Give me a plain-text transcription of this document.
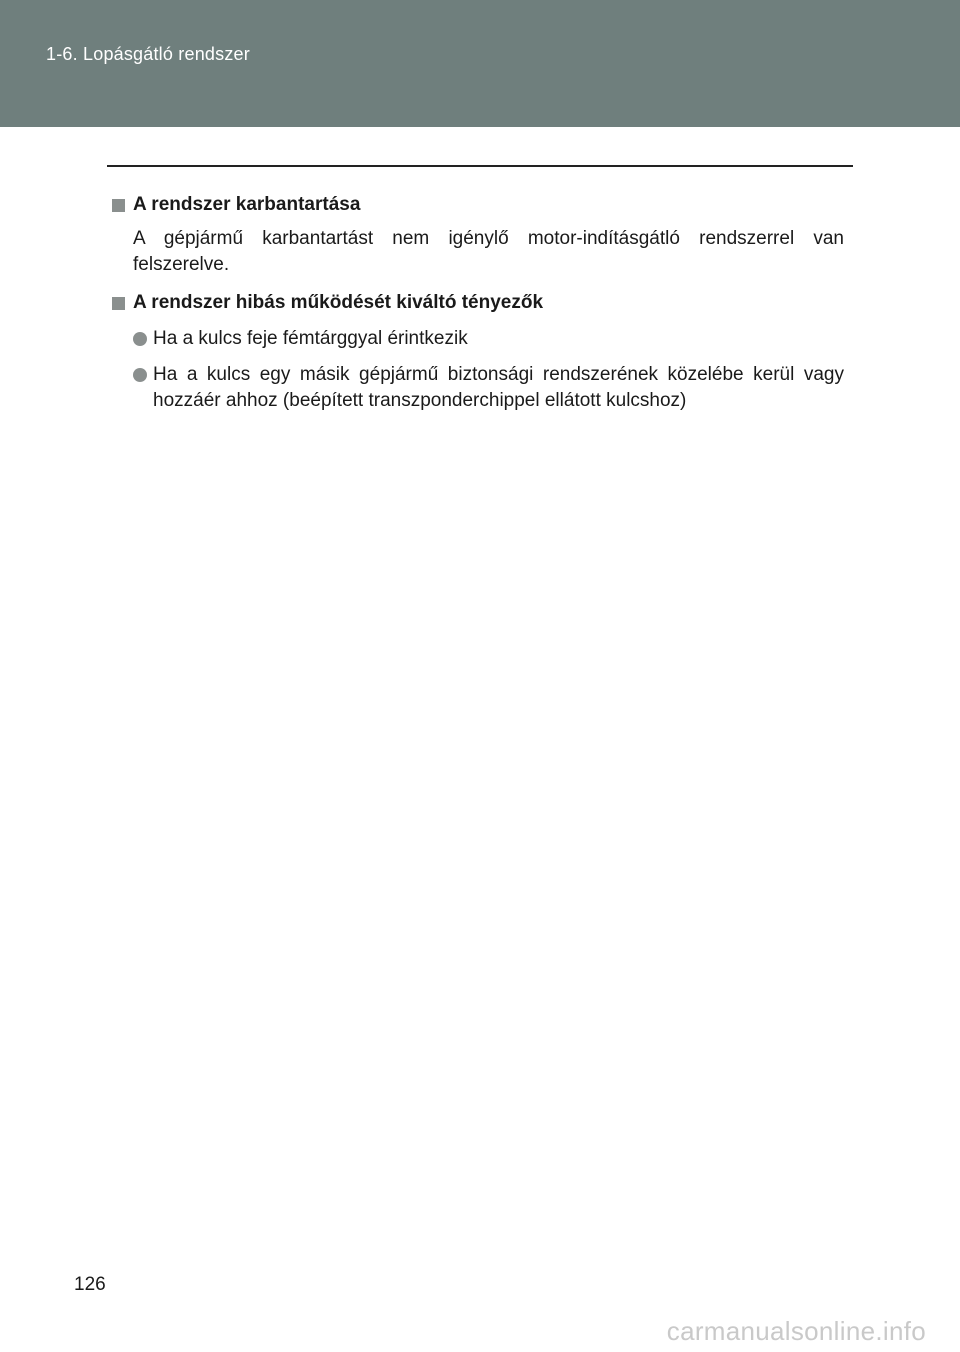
1-6. Lopásgátló rendszer

A rendszer karbantartása

A gépjármű karbantartást nem igénylő motor-indításgátló rendszerrel van felszerelve.

A rendszer hibás működését kiváltó tényezők

Ha a kulcs feje fémtárggyal érintkezik
Ha a kulcs egy másik gépjármű biztonsági rendszerének közelébe kerül vagy hozzáér ahhoz (beépített transzponderchippel ellátott kulcshoz)
126
carmanualsonline.info
